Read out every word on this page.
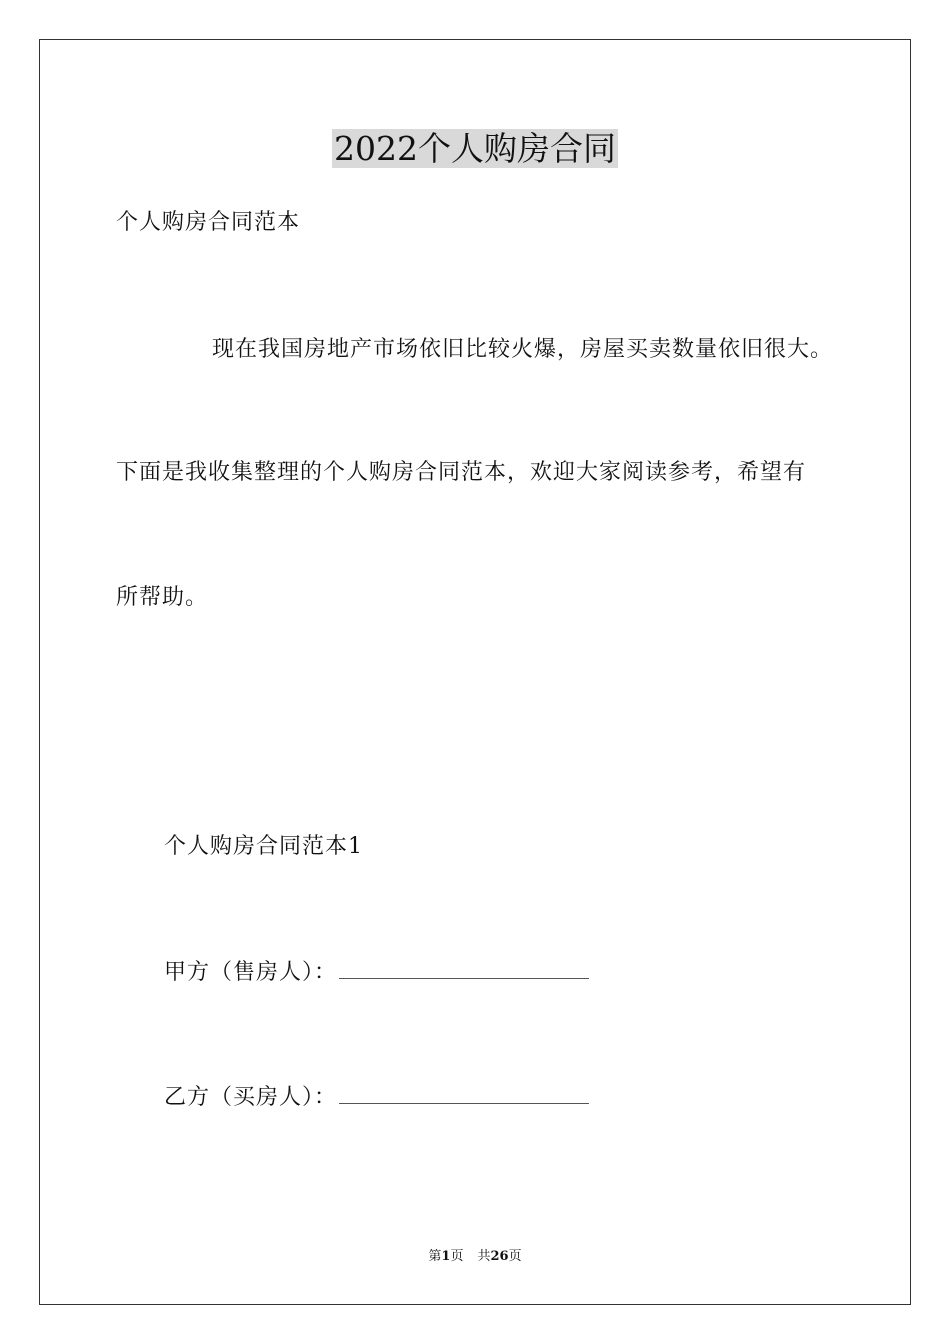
2022个人购房合同
个人购房合同范本
现在我国房地产市场依旧比较火爆，房屋买卖数量依旧很大。
下面是我收集整理的个人购房合同范本，欢迎大家阅读参考，希望有
所帮助。
个人购房合同范本1
甲方（售房人）：
乙方（买房人）：
第1页 共26页
